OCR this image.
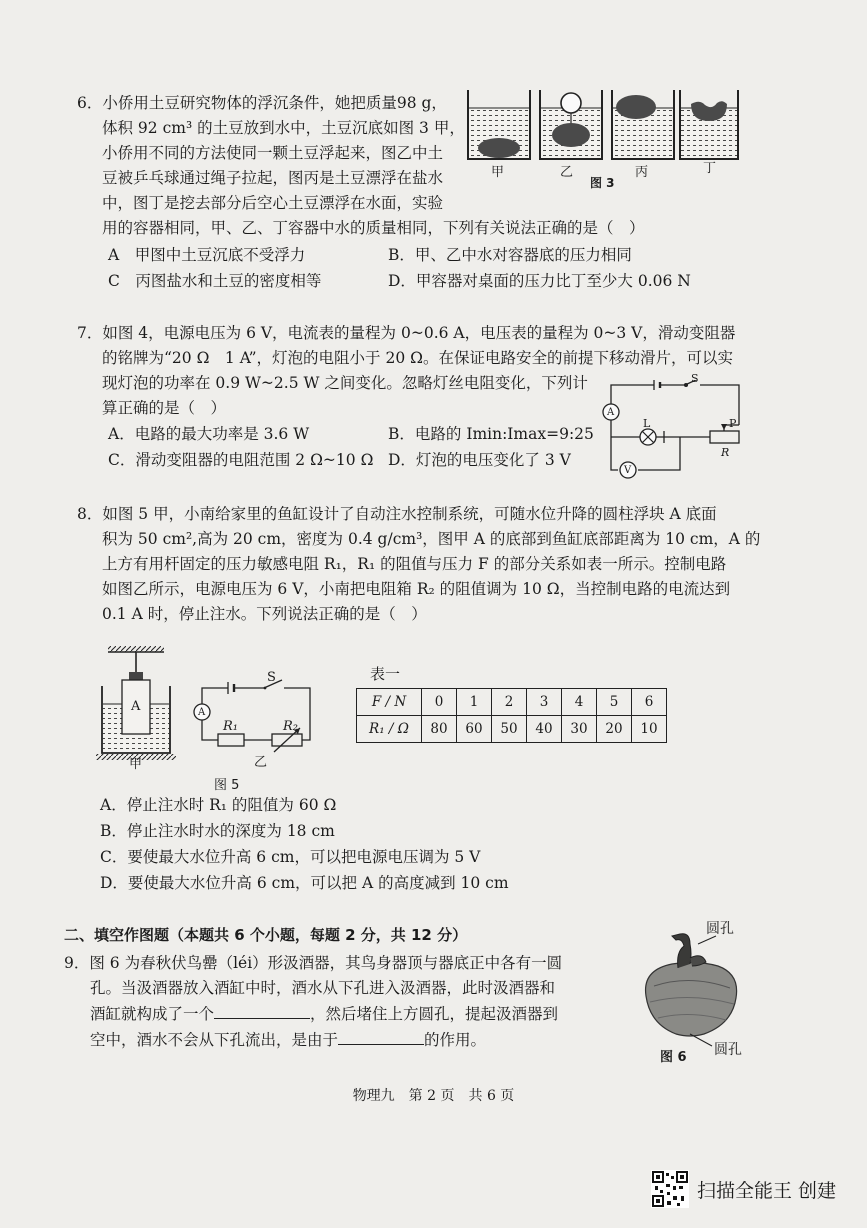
6．小侨用土豆研究物体的浮沉条件，她把质量98 g，
体积 92 cm³ 的土豆放到水中，土豆沉底如图 3 甲，
小侨用不同的方法使同一颗土豆浮起来，图乙中土
豆被乒乓球通过绳子拉起，图丙是土豆漂浮在盐水
中，图丁是挖去部分后空心土豆漂浮在水面，实验
用的容器相同，甲、乙、丁容器中水的质量相同，下列有关说法正确的是（　）
A　甲图中土豆沉底不受浮力	B．甲、乙中水对容器底的压力相同
C　丙图盐水和土豆的密度相等	D．甲容器对桌面的压力比丁至少大 0.06 N
甲	乙
图 3
丙	丁
7．如图 4，电源电压为 6 V，电流表的量程为 0~0.6 A，电压表的量程为 0~3 V，滑动变阻器
的铭牌为“20 Ω　1 A”，灯泡的电阻小于 20 Ω。在保证电路安全的前提下移动滑片，可以实
现灯泡的功率在 0.9 W~2.5 W 之间变化。忽略灯丝电阻变化，下列计
算正确的是（　）
A．电路的最大功率是 3.6 W	B．电路的 Imin:Imax=9:25
C．滑动变阻器的电阻范围 2 Ω~10 Ω D．灯泡的电压变化了 3 V
S
A
L	P
R
V
8．如图 5 甲，小南给家里的鱼缸设计了自动注水控制系统，可随水位升降的圆柱浮块 A 底面
积为 50 cm²,高为 20 cm，密度为 0.4 g/cm³，图甲 A 的底部到鱼缸底部距离为 10 cm，A 的
上方有用杆固定的压力敏感电阻 R₁，R₁ 的阻值与压力 F 的部分关系如表一所示。控制电路
如图乙所示，电源电压为 6 V，小南把电阻箱 R₂ 的阻值调为 10 Ω，当控制电路的电流达到
0.1 A 时，停止注水。下列说法正确的是（　）
A
甲
S
A
R₁	R₂
乙
图 5
表一
F / N	0	1	2	3	4	5	6
R₁ / Ω	80	60	50	40	30	20	10
A．停止注水时 R₁ 的阻值为 60 Ω
B．停止注水时水的深度为 18 cm
C．要使最大水位升高 6 cm，可以把电源电压调为 5 V
D．要使最大水位升高 6 cm，可以把 A 的高度减到 10 cm
二、填空作图题（本题共 6 个小题，每题 2 分，共 12 分）
9．图 6 为春秋伏鸟罍（léi）形汲酒器，其鸟身器顶与器底正中各有一圆
孔。当汲酒器放入酒缸中时，酒水从下孔进入汲酒器，此时汲酒器和
酒缸就构成了一个	，然后堵住上方圆孔，提起汲酒器到
空中，酒水不会从下孔流出，是由于	的作用。
圆孔
图 6 圆孔
物理九　第 2 页　共 6 页
扫描全能王 创建
